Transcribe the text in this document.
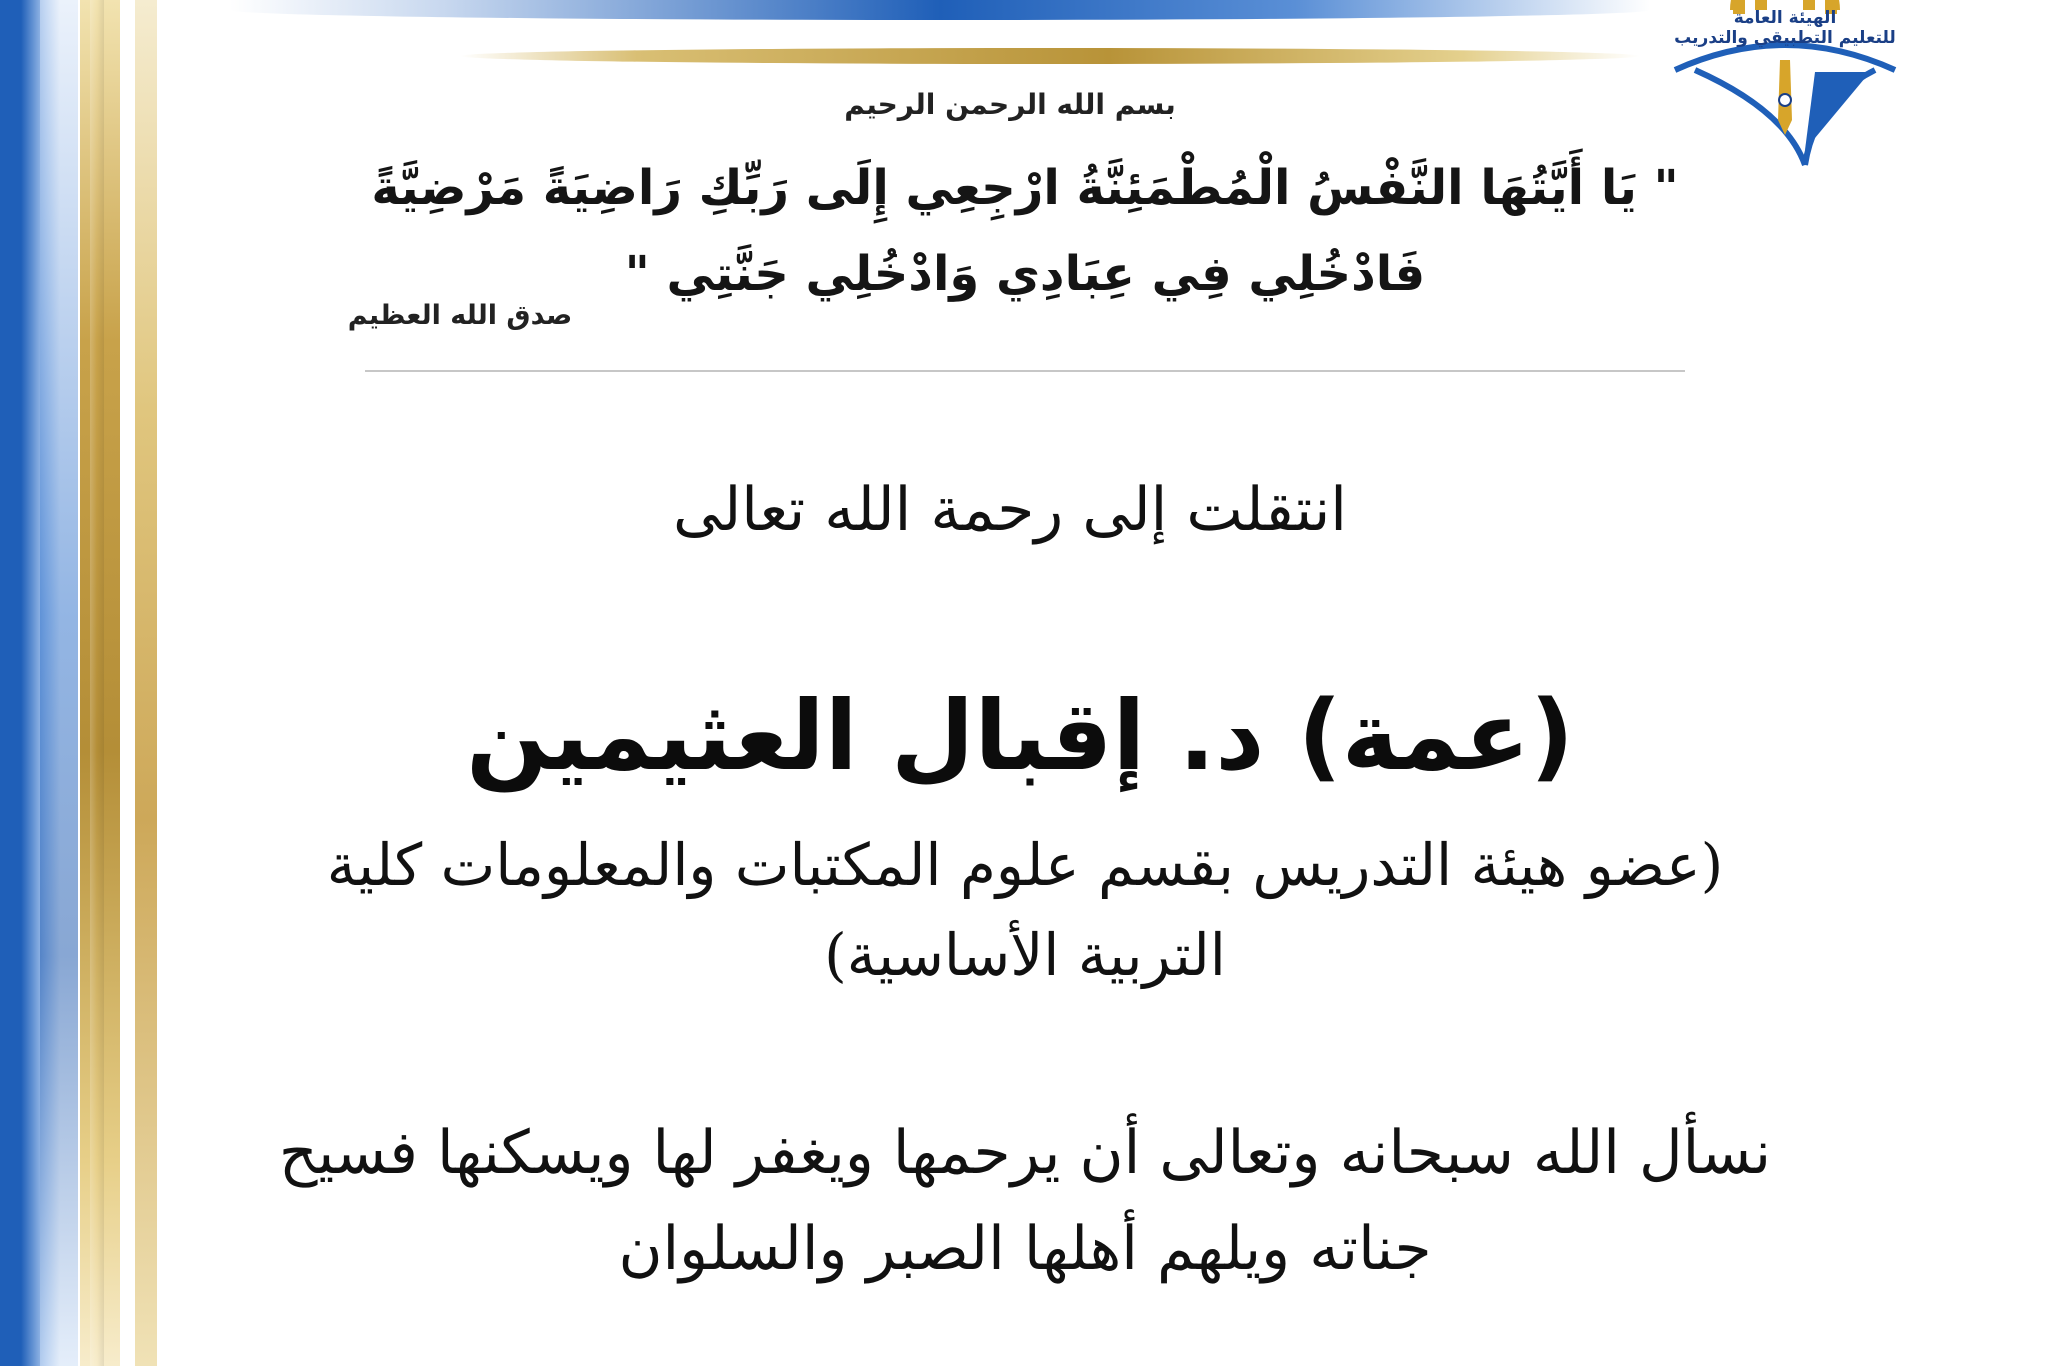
الهيئة العامة
للتعليم التطبيقي والتدريب
بسم الله الرحمن الرحيم
" يَا أَيَّتُهَا النَّفْسُ الْمُطْمَئِنَّةُ ارْجِعِي إِلَى رَبِّكِ رَاضِيَةً مَرْضِيَّةً
فَادْخُلِي فِي عِبَادِي وَادْخُلِي جَنَّتِي "
صدق الله العظيم
انتقلت إلى رحمة الله تعالى
(عمة) د. إقبال العثيمين
(عضو هيئة التدريس بقسم علوم المكتبات والمعلومات كلية
التربية الأساسية)
نسأل الله سبحانه وتعالى أن يرحمها ويغفر لها ويسكنها فسيح
جناته ويلهم أهلها الصبر والسلوان
